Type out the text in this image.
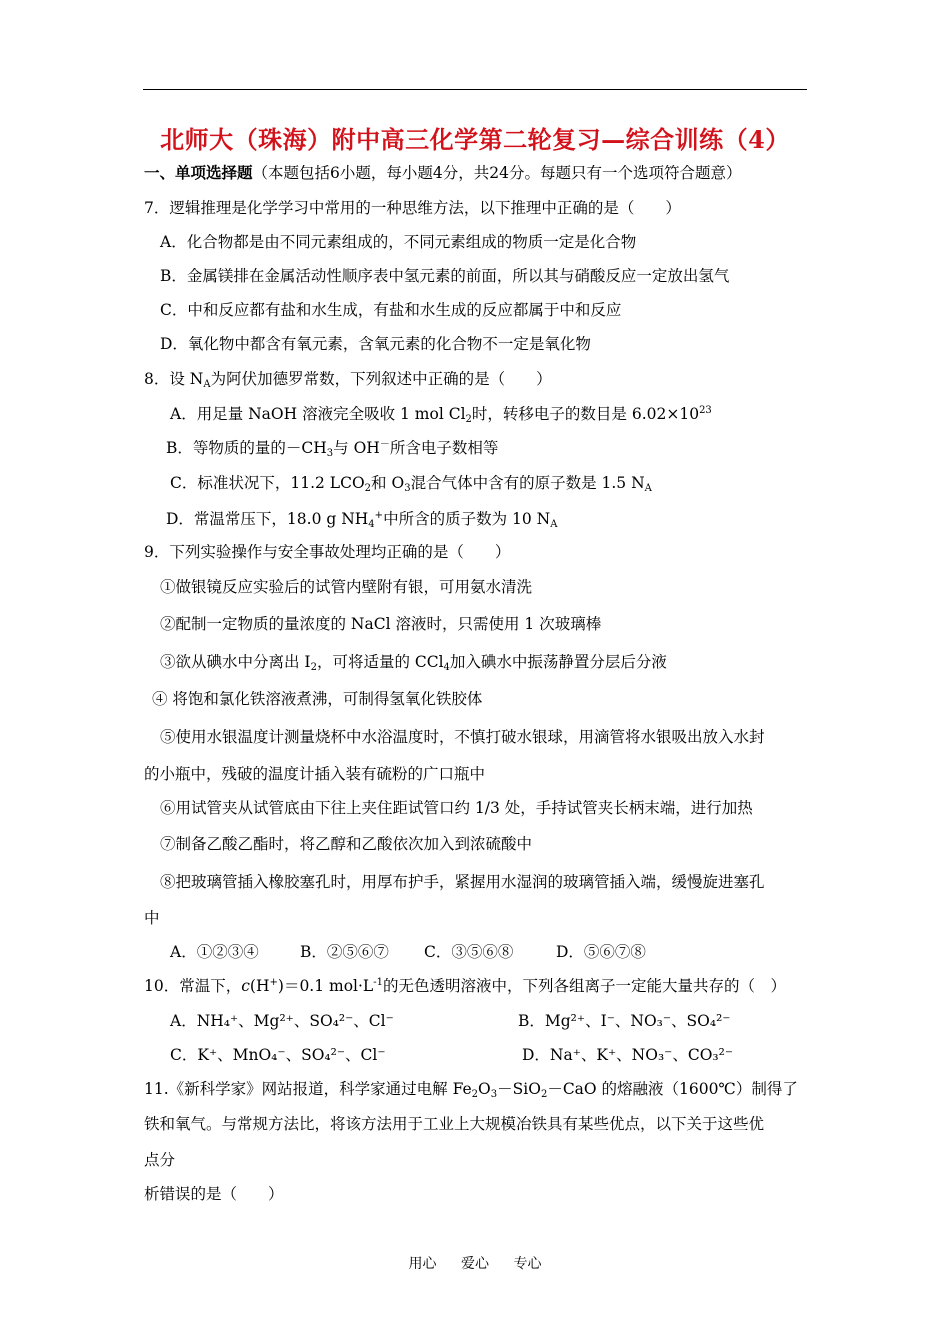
北师大（珠海）附中高三化学第二轮复习—综合训练（4）
一、单项选择题（本题包括6小题，每小题4分，共24分。每题只有一个选项符合题意）
7．逻辑推理是化学学习中常用的一种思维方法，以下推理中正确的是（　　）
A．化合物都是由不同元素组成的，不同元素组成的物质一定是化合物
B．金属镁排在金属活动性顺序表中氢元素的前面，所以其与硝酸反应一定放出氢气
C．中和反应都有盐和水生成，有盐和水生成的反应都属于中和反应
D．氧化物中都含有氧元素，含氧元素的化合物不一定是氧化物
8．设 $N_A$为阿伏加德罗常数，下列叙述中正确的是（　　）
A．用足量 NaOH 溶液完全吸收 1 mol $Cl_2$时，转移电子的数目是 $6.02\times 10^{23}$
B．等物质的量的$-CH_3$与 OH－所含电子数相等
C．标准状况下，11.2 $LCO_2$和 $O_3$混合气体中含有的原子数是 1.5 $N_A$
D．常温常压下，18.0 g $NH_4^+$中所含的质子数为 10 $N_A$
9．下列实验操作与安全事故处理均正确的是（　　）
①做银镜反应实验后的试管内壁附有银，可用氨水清洗
②配制一定物质的量浓度的 NaCl 溶液时，只需使用 1 次玻璃棒
③欲从碘水中分离出 $I_2$，可将适量的 CCl$_4$加入碘水中振荡静置分层后分液
④ 将饱和氯化铁溶液煮沸，可制得氢氧化铁胶体
⑤使用水银温度计测量烧杯中水浴温度时，不慎打破水银球，用滴管将水银吸出放入水封
的小瓶中，残破的温度计插入装有硫粉的广口瓶中
⑥用试管夹从试管底由下往上夹住距试管口约 1/3 处，手持试管夹长柄末端，进行加热
⑦制备乙酸乙酯时，将乙醇和乙酸依次加入到浓硫酸中
⑧把玻璃管插入橡胶塞孔时，用厚布护手，紧握用水湿润的玻璃管插入端，缓慢旋进塞孔
中
A．①②③④	B．②⑤⑥⑦ C．③⑤⑥⑧	D．⑤⑥⑦⑧
10．常温下，c(H+)＝0.1 $mol\cdot L^{-1}$的无色透明溶液中，下列各组离子一定能大量共存的（　）
A．NH₄⁺、Mg²⁺、SO₄²⁻、Cl⁻	B．Mg²⁺、I⁻、NO₃⁻、SO₄²⁻
C．K⁺、MnO₄⁻、SO₄²⁻、Cl⁻	D．Na⁺、K⁺、NO₃⁻、CO₃²⁻
11.《新科学家》网站报道，科学家通过电解 $Fe_2O_3-SiO_2-CaO$ 的熔融液（1600℃）制得了
铁和氧气。与常规方法比，将该方法用于工业上大规模冶铁具有某些优点，以下关于这些优
点分
析错误的是（　　）
用心 爱心 专心
